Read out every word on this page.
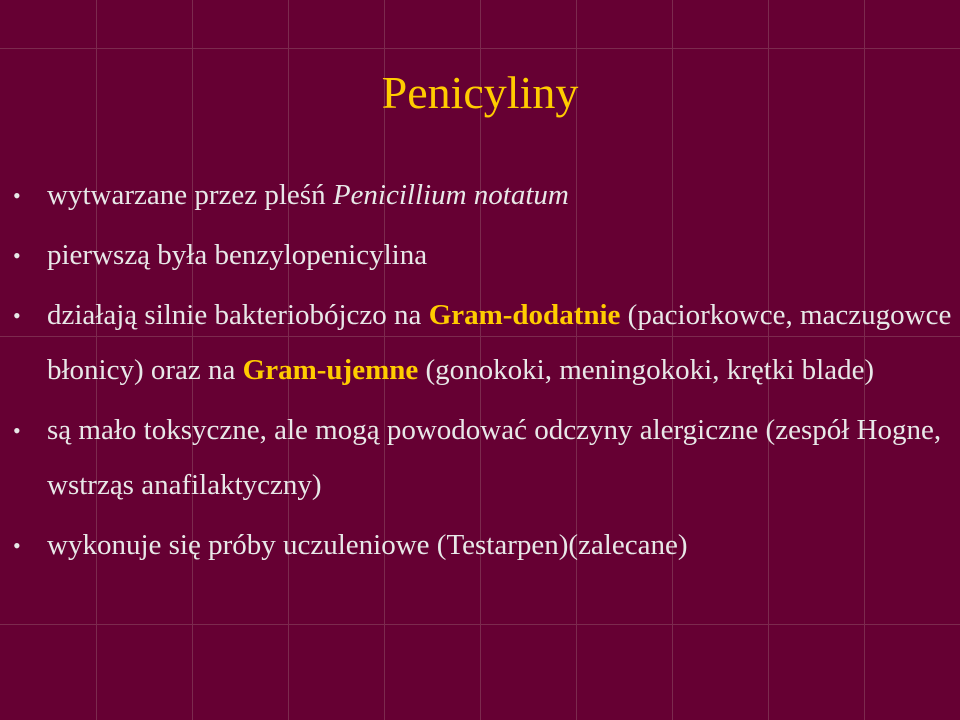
Penicyliny
• wytwarzane przez pleśń Penicillium notatum
• pierwszą była benzylopenicylina
• działają silnie bakteriobójczo na Gram-dodatnie (paciorkowce, maczugowce błonicy) oraz na Gram-ujemne (gonokoki, meningokoki, krętki blade)
• są mało toksyczne, ale mogą powodować odczyny alergiczne (zespół Hogne, wstrząs anafilaktyczny)
• wykonuje się próby uczuleniowe (Testarpen)(zalecane)
